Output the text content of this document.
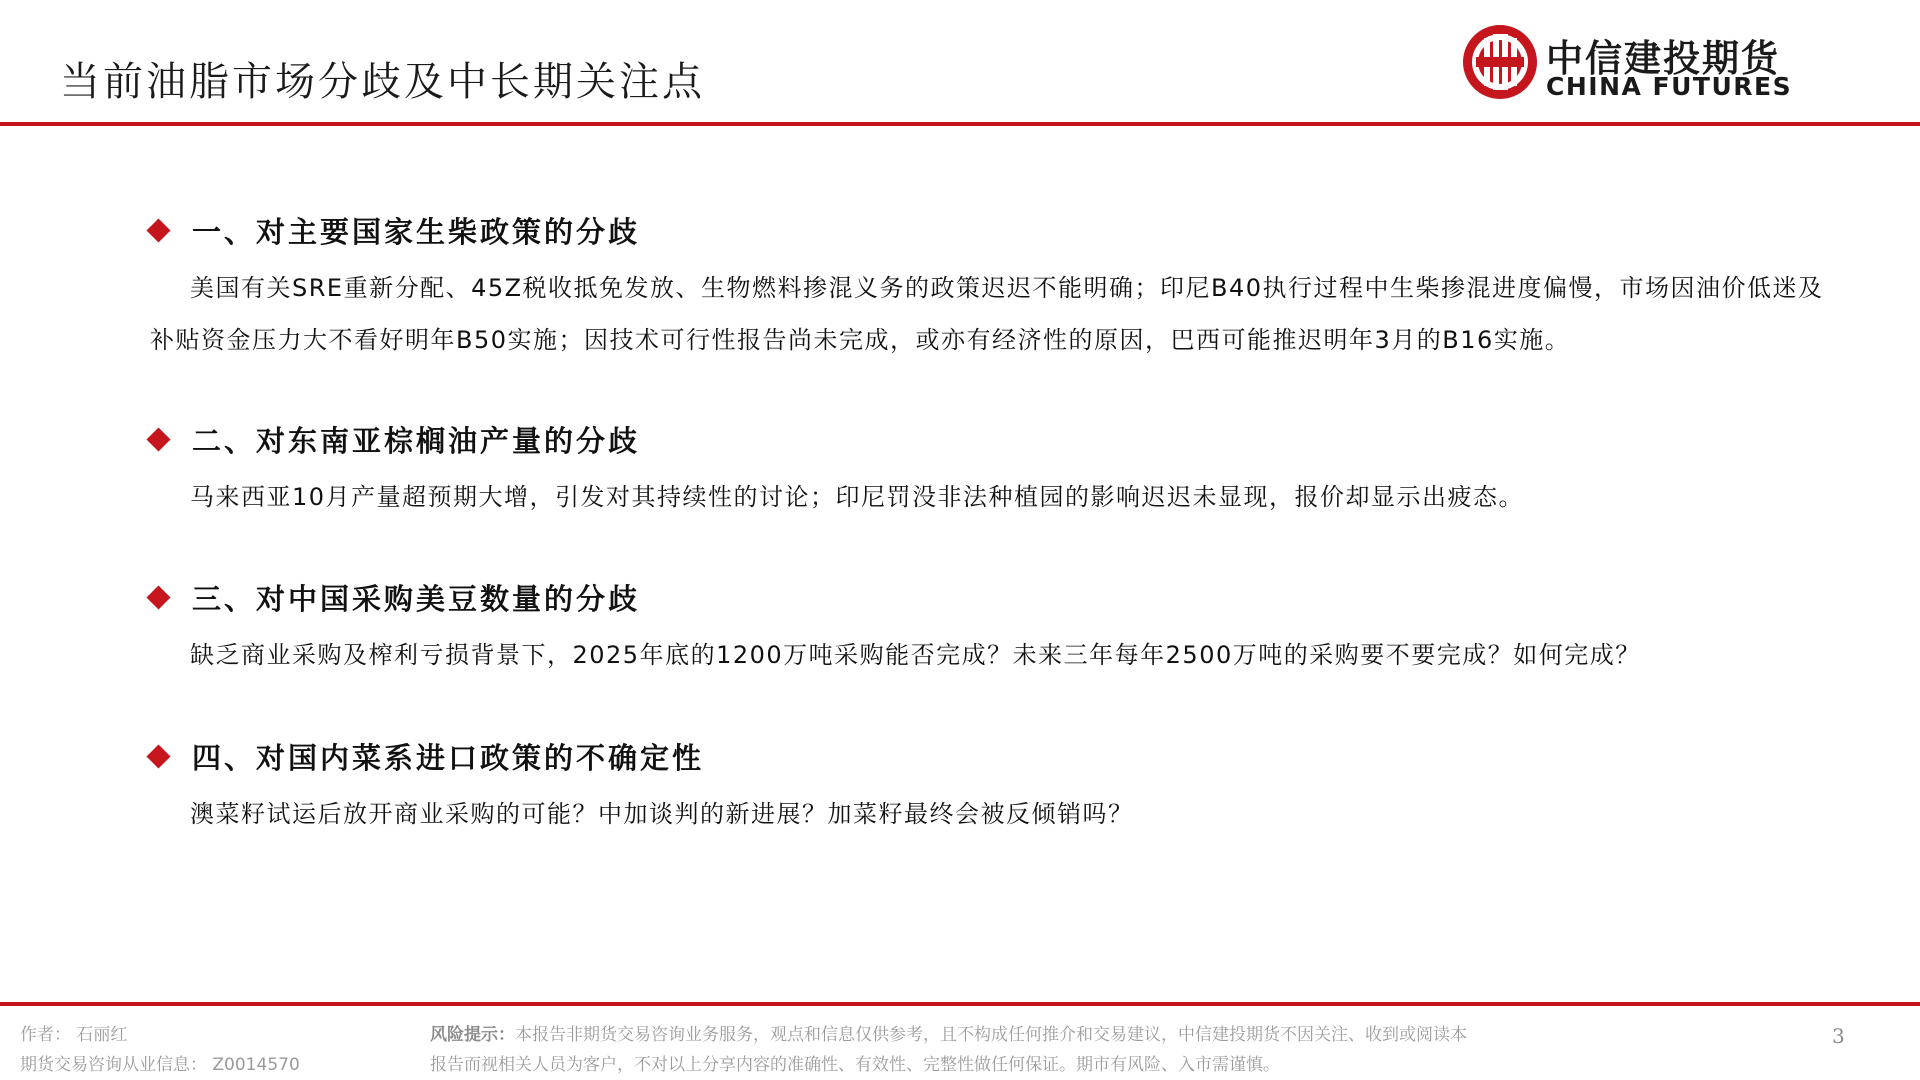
当前油脂市场分歧及中长期关注点
中信建投期货
CHINA FUTURES
一、对主要国家生柴政策的分歧
美国有关SRE重新分配、45Z税收抵免发放、生物燃料掺混义务的政策迟迟不能明确；印尼B40执行过程中生柴掺混进度偏慢，市场因油价低迷及补贴资金压力大不看好明年B50实施；因技术可行性报告尚未完成，或亦有经济性的原因，巴西可能推迟明年3月的B16实施。
二、对东南亚棕榈油产量的分歧
马来西亚10月产量超预期大增，引发对其持续性的讨论；印尼罚没非法种植园的影响迟迟未显现，报价却显示出疲态。
三、对中国采购美豆数量的分歧
缺乏商业采购及榨利亏损背景下，2025年底的1200万吨采购能否完成？未来三年每年2500万吨的采购要不要完成？如何完成？
四、对国内菜系进口政策的不确定性
澳菜籽试运后放开商业采购的可能？中加谈判的新进展？加菜籽最终会被反倾销吗？
作者： 石丽红
期货交易咨询从业信息： Z0014570
风险提示：本报告非期货交易咨询业务服务，观点和信息仅供参考，且不构成任何推介和交易建议，中信建投期货不因关注、收到或阅读本报告而视相关人员为客户，不对以上分享内容的准确性、有效性、完整性做任何保证。期市有风险、入市需谨慎。
3
